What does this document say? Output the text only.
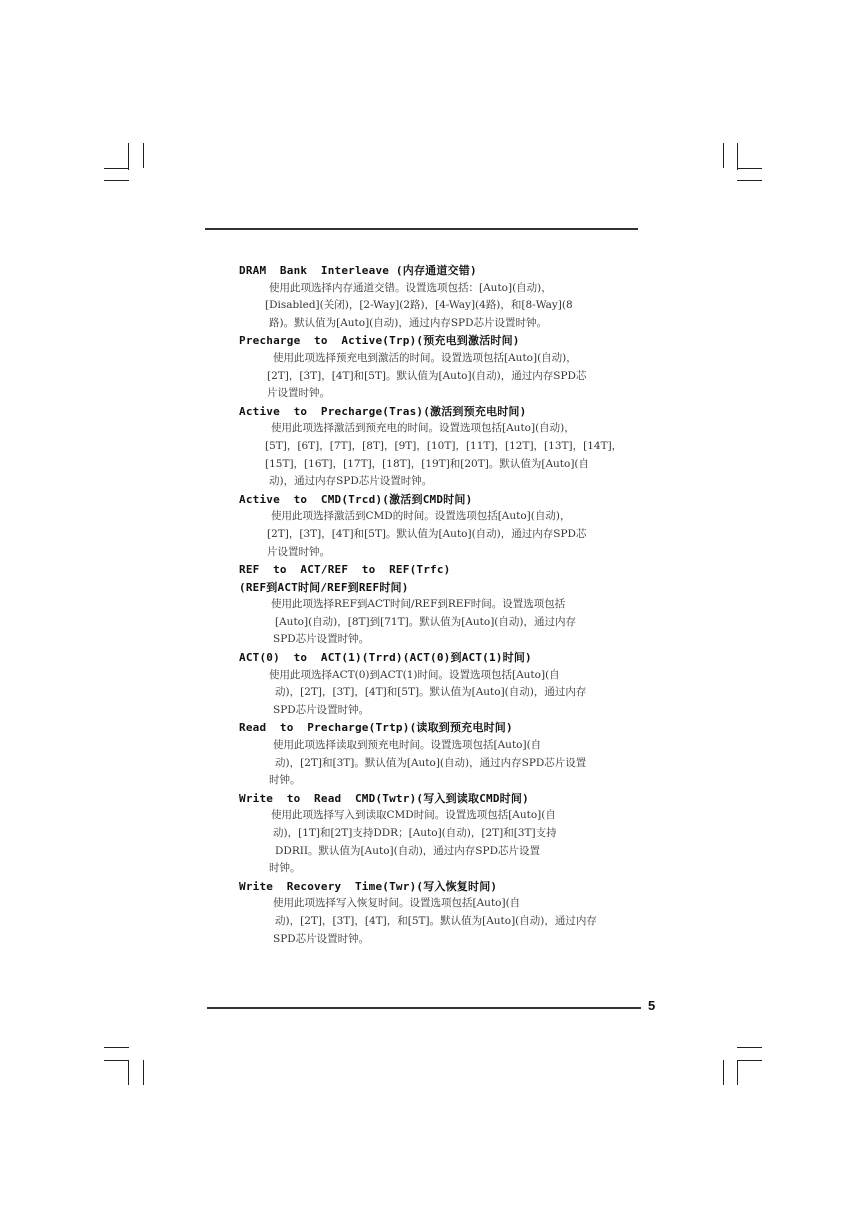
DRAM  Bank  Interleave (内存通道交错)
使用此项选择内存通道交错。设置选项包括：[Auto](自动)，
[Disabled](关闭)，[2-Way](2路)，[4-Way](4路)，和[8-Way](8
路)。默认值为[Auto](自动)，通过内存SPD芯片设置时钟。
Precharge  to  Active(Trp)(预充电到激活时间)
使用此项选择预充电到激活的时间。设置选项包括[Auto](自动)，
[2T]，[3T]，[4T]和[5T]。默认值为[Auto](自动)，通过内存SPD芯
片设置时钟。
Active  to  Precharge(Tras)(激活到预充电时间)
使用此项选择激活到预充电的时间。设置选项包括[Auto](自动)，
[5T]，[6T]，[7T]，[8T]，[9T]，[10T]，[11T]，[12T]，[13T]，[14T]，
[15T]，[16T]，[17T]，[18T]，[19T]和[20T]。默认值为[Auto](自
动)，通过内存SPD芯片设置时钟。
Active  to  CMD(Trcd)(激活到CMD时间)
使用此项选择激活到CMD的时间。设置选项包括[Auto](自动)，
[2T]，[3T]，[4T]和[5T]。默认值为[Auto](自动)，通过内存SPD芯
片设置时钟。
REF  to  ACT/REF  to  REF(Trfc)
(REF到ACT时间/REF到REF时间)
使用此项选择REF到ACT时间/REF到REF时间。设置选项包括
[Auto](自动)，[8T]到[71T]。默认值为[Auto](自动)，通过内存
SPD芯片设置时钟。
ACT(0)  to  ACT(1)(Trrd)(ACT(0)到ACT(1)时间)
使用此项选择ACT(0)到ACT(1)时间。设置选项包括[Auto](自
动)，[2T]，[3T]，[4T]和[5T]。默认值为[Auto](自动)，通过内存
SPD芯片设置时钟。
Read  to  Precharge(Trtp)(读取到预充电时间)
使用此项选择读取到预充电时间。设置选项包括[Auto](自
动)，[2T]和[3T]。默认值为[Auto](自动)，通过内存SPD芯片设置
时钟。
Write  to  Read  CMD(Twtr)(写入到读取CMD时间)
使用此项选择写入到读取CMD时间。设置选项包括[Auto](自
动)，[1T]和[2T]支持DDR；[Auto](自动)，[2T]和[3T]支持
DDRII。默认值为[Auto](自动)，通过内存SPD芯片设置
时钟。
Write  Recovery  Time(Twr)(写入恢复时间)
使用此项选择写入恢复时间。设置选项包括[Auto](自
动)，[2T]，[3T]，[4T]，和[5T]。默认值为[Auto](自动)，通过内存
SPD芯片设置时钟。
5
